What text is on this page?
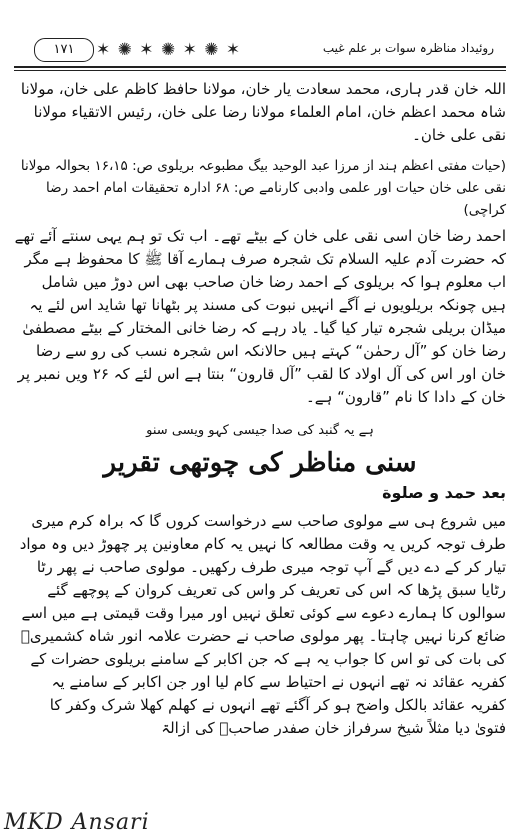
۱۷۱	✶ ✺ ✶ ✺ ✶ ✺ ✶	روئیداد مناظرہ سوات بر علم غیب

اللہ خان قدر ہاری، محمد سعادت یار خان، مولانا حافظ کاظم علی خان، مولانا شاہ محمد اعظم خان، امام العلماء مولانا رضا علی خان، رئیس الاتقیاء مولانا نقی علی خان۔

(حیات مفتی اعظم ہند از مرزا عبد الوحید بیگ مطبوعہ بریلوی ص: ۱۶،۱۵ بحوالہ مولانا نقی علی خان حیات اور علمی وادبی کارنامے ص: ۶۸ ادارہ تحقیقات امام احمد رضا کراچی)

احمد رضا خان اسی نقی علی خان کے بیٹے تھے۔ اب تک تو ہم یہی سنتے آئے تھے کہ حضرت آدم علیہ السلام تک شجرہ صرف ہمارے آقا ﷺ کا محفوظ ہے مگر اب معلوم ہوا کہ بریلوی کے احمد رضا خان صاحب بھی اس دوڑ میں شامل ہیں چونکہ بریلویوں نے آگے انہیں نبوت کی مسند پر بٹھانا تھا شاید اس لئے یہ میڈان بریلی شجرہ تیار کیا گیا۔ یاد رہے کہ رضا خانی المختار کے بیٹے مصطفیٰ رضا خان کو ”آل رحمٰن“ کہتے ہیں حالانکہ اس شجرہ نسب کی رو سے رضا خان اور اس کی آل اولاد کا لقب ”آل قارون“ بنتا ہے اس لئے کہ ۲۶ ویں نمبر پر خان کے دادا کا نام ”قارون“ ہے۔

ہے یہ گنبد کی صدا جیسی کہو ویسی سنو

سنی مناظر کی چوتھی تقریر
بعد حمد و صلوة

میں شروع ہی سے مولوی صاحب سے درخواست کروں گا کہ براہ کرم میری طرف توجہ کریں یہ وقت مطالعہ کا نہیں یہ کام معاونین پر چھوڑ دیں وہ مواد تیار کر کے دے دیں گے آپ توجہ میری طرف رکھیں۔ مولوی صاحب نے پھر رٹا رٹایا سبق پڑھا کہ اس کی تعریف کر واس کی تعریف کروان کے پوچھے گئے سوالوں کا ہمارے دعوے سے کوئی تعلق نہیں اور میرا وقت قیمتی ہے میں اسے ضائع کرنا نہیں چاہتا۔ پھر مولوی صاحب نے حضرت علامہ انور شاہ کشمیریؒ کی بات کی تو اس کا جواب یہ ہے کہ جن اکابر کے سامنے بریلوی حضرات کے کفریہ عقائد نہ تھے انہوں نے احتیاط سے کام لیا اور جن اکابر کے سامنے یہ کفریہ عقائد بالکل واضح ہو کر آگئے تھے انہوں نے کھلم کھلا شرک وکفر کا فتویٰ دیا مثلاً شیخ سرفراز خان صفدر صاحبؒ کی ازالۃ

MKD Ansari
